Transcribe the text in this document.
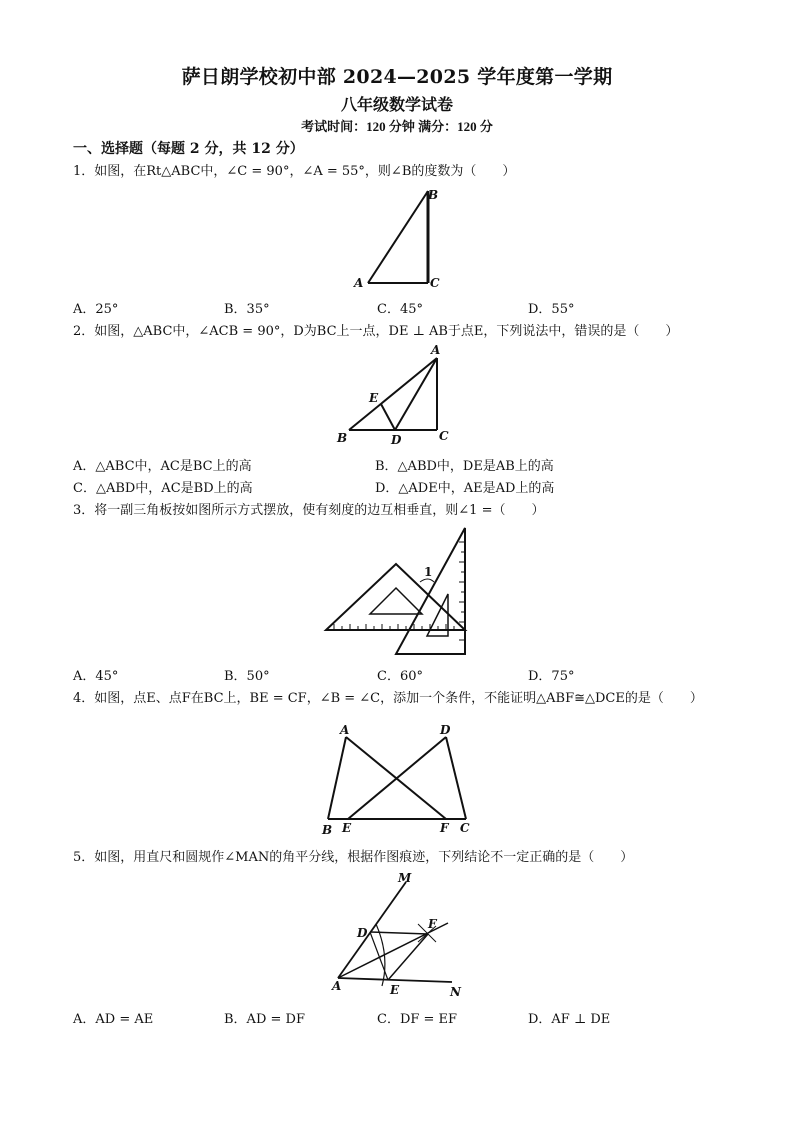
萨日朗学校初中部 2024—2025 学年度第一学期
八年级数学试卷
考试时间：120 分钟 满分：120 分
一、选择题（每题 2 分，共 12 分）
1．如图，在Rt△ABC中，∠C = 90°，∠A = 55°，则∠B的度数为（　　）
A
B
C
A．25°	B．35°	C．45°	D．55°
2．如图，△ABC中，∠ACB = 90°，D为BC上一点，DE ⊥ AB于点E，下列说法中，错误的是（　　）
A
E
B	D	C
A．△ABC中，AC是BC上的高	B．△ABD中，DE是AB上的高
C．△ABD中，AC是BD上的高	D．△ADE中，AE是AD上的高
3．将一副三角板按如图所示方式摆放，使有刻度的边互相垂直，则∠1 =（　　）
1
A．45°	B．50°	C．60°	D．75°
4．如图，点E、点F在BC上，BE = CF，∠B = ∠C，添加一个条件，不能证明△ABF≅△DCE的是（　　）
A	D
B E	F C
5．如图，用直尺和圆规作∠MAN的角平分线，根据作图痕迹，下列结论不一定正确的是（　　）
M
D
F
A	E	N
A．AD = AE	B．AD = DF	C．DF = EF	D．AF ⊥ DE
